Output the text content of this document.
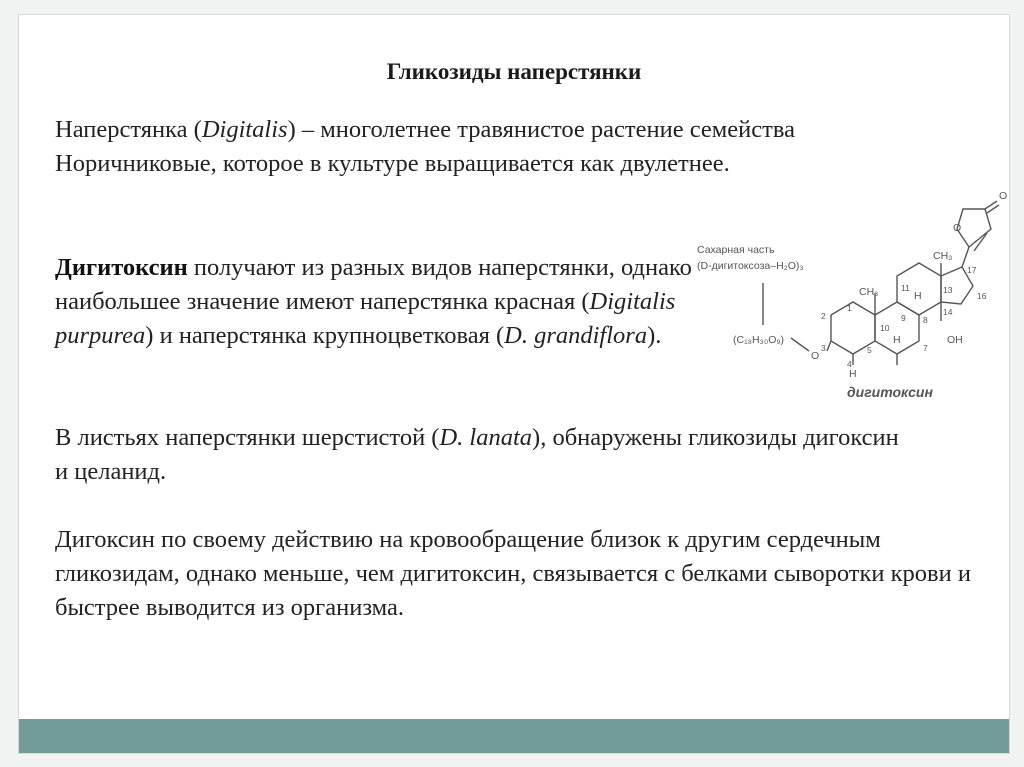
Гликозиды наперстянки
Наперстянка (Digitalis) – многолетнее травянистое растение семейства Норичниковые, которое в культуре выращивается как двулетнее.
Дигитоксин получают из разных видов наперстянки, однако наибольшее значение имеют наперстянка красная (Digitalis purpurea) и наперстянка крупноцветковая (D. grandiflora).
В листьях наперстянки шерстистой (D. lanata), обнаружены гликозиды дигоксин и целанид.
Дигоксин по своему действию на кровообращение близок к другим сердечным гликозидам, однако меньше, чем дигитоксин, связывается с белками сыворотки крови и быстрее выводится из организма.
Сахарная часть
(D-дигитоксоза–H₂O)₃
(C₁₈H₃₀O₉)
O
CH₃
CH₃
OH
O
O
H
H
H
2
1
3
4
5
10
7
8
9
11	13
14
16
17
дигитоксин
